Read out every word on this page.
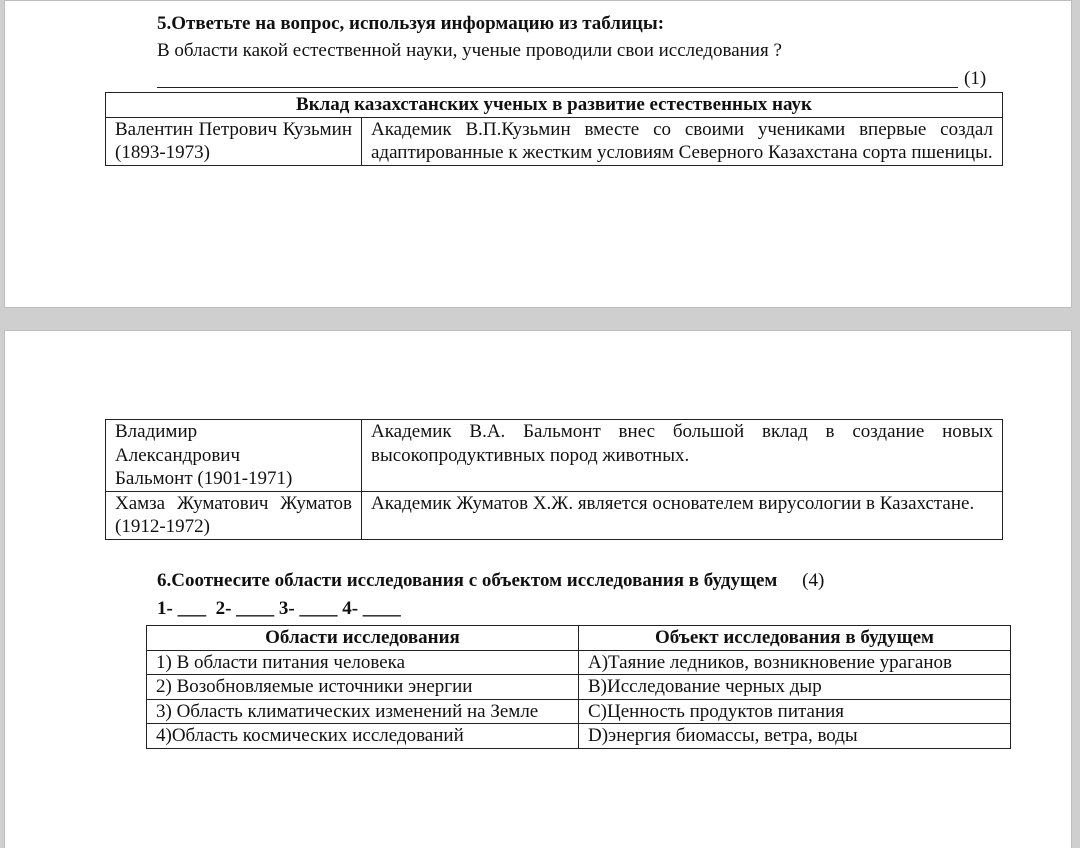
5.Ответьте на вопрос, используя информацию из таблицы:
В области какой естественной науки, ученые проводили свои исследования ?
(1)
Вклад казахстанских ученых в развитие естественных наук
Валентин Петрович Кузьмин (1893-1973)	Академик В.П.Кузьмин вместе со своими учениками впервые создал адаптированные к жестким условиям Северного Казахстана сорта пшеницы.
Владимир Александрович Бальмонт (1901-1971)	Академик В.А. Бальмонт внес большой вклад в создание новых высокопродуктивных пород животных.
Хамза Жуматович Жуматов (1912-1972)	Академик Жуматов Х.Ж. является основателем вирусологии в Казахстане.
6.Соотнесите области исследования с объектом исследования в будущем (4)
1- ___  2- ____ 3- ____ 4- ____
Области исследования	Объект исследования в будущем
1) В области питания человека	A)Таяние ледников, возникновение ураганов
2) Возобновляемые источники энергии	B)Исследование черных дыр
3) Область климатических изменений на Земле	C)Ценность продуктов питания
4)Область космических исследований	D)энергия биомассы, ветра, воды
